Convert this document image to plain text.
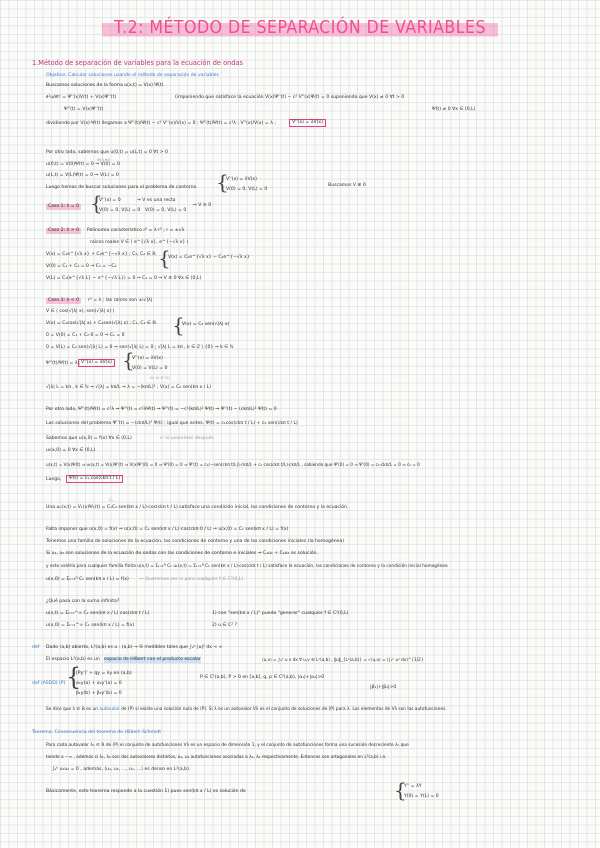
T.2: MÉTODO DE SEPARACIÓN DE VARIABLES
1.Método de separación de variables para la ecuación de ondas
Objetivo: Calcular soluciones usando el método de separación de variables
Buscamos soluciones de la forma u(x,t) = V(x) Ψ(t)
∂²u/∂t² = Ψ''(x)V(t) + V(x)Ψ''(t)	(imponiendo que satisface la ecuación V(x)Ψ''(t) − c² V''(x)Ψ(t) = 0 suponiendo que V(x) ≠ 0 ∀t > 0
Ψ''(t) = V(x)Ψ''(t)	Ψ(t) ≠ 0 ∀x ∈ (0,L)
dividiendo por V(x)·Ψ(t) llegamos a Ψ''(t)/Ψ(t) − c² V''(x)/V(x) = 0 ; Ψ''(t)/Ψ(t) = c²λ ; V''(x)/V(x) = λ ;	V''(x) = λV(x)
Por otro lado, sabemos que u(0,t) = u(L,t) = 0 ∀t > 0
Ψ(t)≢0
u(0,t) = V(0)Ψ(t) = 0 ⇒ V(0) = 0
u(L,t) = V(L)Ψ(t) = 0 ⇒ V(L) = 0
Luego hemos de buscar soluciones para el problema de contorno {
V''(x) = λV(x)
V(0) = 0, V(L) = 0
Buscamos V ≢ 0
Caso 1: λ = 0 {
V''(x) = 0
V(0) = 0, V(L) = 0
⇒ V es una recta
V(0) = 0, V(L) = 0
⇒ V ≡ 0
Caso 2: λ > 0	Polinomio característico r² = λ r⁰ ; r = ±√λ
raíces reales V ∈ ⟨ e^{√λ x}, e^{−√λ x} ⟩
V(x) = C₁e^{√λ x} + C₂e^{−√λ x} ; C₁, C₂ ∈ ℝ {
V(x) = C₁e^{√λ x} − C₁e^{−√λ x}
V(0) = C₁ + C₂ = 0 ⇒ C₁ = −C₂
V(L) = C₁(e^{√λ L} − e^{−√λ L}) = 0 ⇒ C₁ = 0 ⇒ V ≡ 0 ∀x ∈ (0,L)
Caso 3: λ < 0	r² = λ ; las raíces son ±i√|λ|
V ∈ ⟨ cos(√|λ| x), sen(√|λ| x) ⟩
V(x) = C₁cos(√|λ| x) + C₂sen(√|λ| x) ; C₁, C₂ ∈ ℝ {
V(x) = C₂ sen(√|λ| x)
0 = V(0) = C₁ + C₂·0 = 0 ⇒ C₁ = 0
0 = V(L) = C₂ sen(√|λ| L) = 0 ⇒ sen(√|λ| L) = 0 ; √|λ| L = kπ , k ∈ ℤ \ {0} ⇒ k ∈ ℕ
Ψ''(t)/Ψ(t) = λ ; V''(x) = λV(x) {
V''(x) = λV(x)
V(0) = V(L) = 0
λk (k ∈ ℕ)
√|λ| L = kπ , k ∈ ℕ ⇒ √|λ| = kπ/L ⇒ λ = −(kπ/L)² ; V(x) = C₂ sen(kπ x / L)
Por otro lado, Ψ''(t)/Ψ(t) = c²λ ⇒ Ψ''(t) = c²λΨ(t) ⇒ Ψ''(t) = −c²(kπ/L)² Ψ(t) ⇒ Ψ''(t) − (ckπ/L)² Ψ(t) = 0
Las soluciones del problema Ψ''(t) = −(ckπ/L)² Ψ(t) ; igual que antes, Ψ(t) = c₁cos(ckπ t / L) + c₂ sen(ckπ t / L)
Sabemos que u(x,0) = f(x) ∀x ∈ (0,L)	← lo usaremos después
uₜ(x,0) = 0 ∀x ∈ (0,L)
u(x,t) = V(x)Ψ(t) ⇒ uₜ(x,t) = V(x)Ψ'(t) ⇒ V(x)Ψ'(0) = 0 ⇒ Ψ'(0) = 0 ⇒ Ψ'(t) = c₁(−sen(ckπ t/L))·ckπ/L + c₂ cos(ckπ t/L)·ckπ/L , sabiendo que Ψ'(0) = 0 ⇒ Ψ'(0) = c₂·ckπ/L = 0 ⇒ c₂ = 0
Luego,	Ψ(t) = c₁ cos(ckπ t / L)
Cₖ
Una uₖ(x,t) = Vₖ(x)Ψₖ(t) = C₁C₂ sen(kπ x / L)·cos(ckπ t / L) satisface una condición inicial, las condiciones de contorno y la ecuación.
Falta imponer que u(x,0) = f(x) ⇒ u(x,0) = Cₖ sen(kπ x / L)·cos(ckπ·0 / L) ⇒ u(x,0) = Cₖ sen(kπ x / L) = f(x)
Tenemos una familia de soluciones de la ecuación, las condiciones de contorno y una de las condiciones iniciales (la homogénea)
Si u₁, u₂ son soluciones de la ecuación de ondas con las condiciones de contorno e iniciales ⇒ C₁u₁ + C₂u₂ es solución.
y esto valdría para cualquier familia finita u(x,t) = Σₖ₌₁ᴺ Cₖ uₖ(x,t) = Σₖ₌₁ᴺ Cₖ sen(kπ x / L)·cos(ckπ t / L) satisface la ecuación, las condiciones de contorno y la condición inicial homogénea
u(x,0) = Σₖ₌₁ᴺ Cₖ sen(kπ x / L) = f(x) ← Queremos ver si para cualquier f ∈ C²(0,L)
¿Qué pasa con la suma infinita?
u(x,t) = Σₖ₌₁^∞ Cₖ sen(kπ x / L) cos(ckπ t / L)	1) con "sen(kπ x / L)" puedo "generar" cualquier f ∈ C²(0,L)
u(x,0) = Σₖ₌₁^∞ Cₖ sen(kπ x / L) = f(x)	2) u ∈ C² ?
def Dado (a,b) abierto, L²(a,b) es u : (a,b) → ℝ medibles tales que ∫ₐᵇ |u|² dx < ∞
El espacio L²(a,b) es un espacio de Hilbert con el producto escalar	⟨u,v⟩ = ∫ₐᵇ u v dx ∀ u,v ∈ L²(a,b) , ‖u‖_{L²(a,b)} = √⟨u,u⟩ = (∫ₐᵇ u² dx)^{1/2}
def (ASDD) (P) {
(Py')' + qy = λy en (a,b)
α₁y(a) + α₂y'(a) = 0
β₁y(b) + β₂y'(b) = 0
P ∈ C¹(a,b), P > 0 en [a,b], q, p ∈ C⁰(a,b), |α₁|+|α₂|>0
|β₁|+|β₂|>0
Se dice que λ ∈ ℝ es un autovalor de (P) si existe una solución nula de (P). Si λ es un autovalor Vλ es el conjunto de soluciones de (P) para λ. Los elementos de Vλ son las autofunciones.
Teorema: Consecuencia del teorema de Hilbert–Schmidt
Para cada autovalor λₙ ∈ ℝ de (P) el conjunto de autofunciones Vλ es un espacio de dimensión 1, y el conjunto de autofunciones forma una sucesión decreciente λₙ que
tiende a −∞ , además si λ₁, λ₂ son dos autovalores distintos, u₁, u₂ autofunciones asociadas a λ₁, λ₂ respectivamente. Entonces son ortogonales en L²(a,b) i.e.
∫ₐᵇ u₁u₂ = 0 , además, ⟨u₁, u₂, …, uₙ, …⟩ es denso en L²(a,b).
Básicamente, este teorema responde a la cuestión 1) pues sen(kπ x / L) es solución de	{
Y'' = λY
Y(0) = Y(L) = 0
